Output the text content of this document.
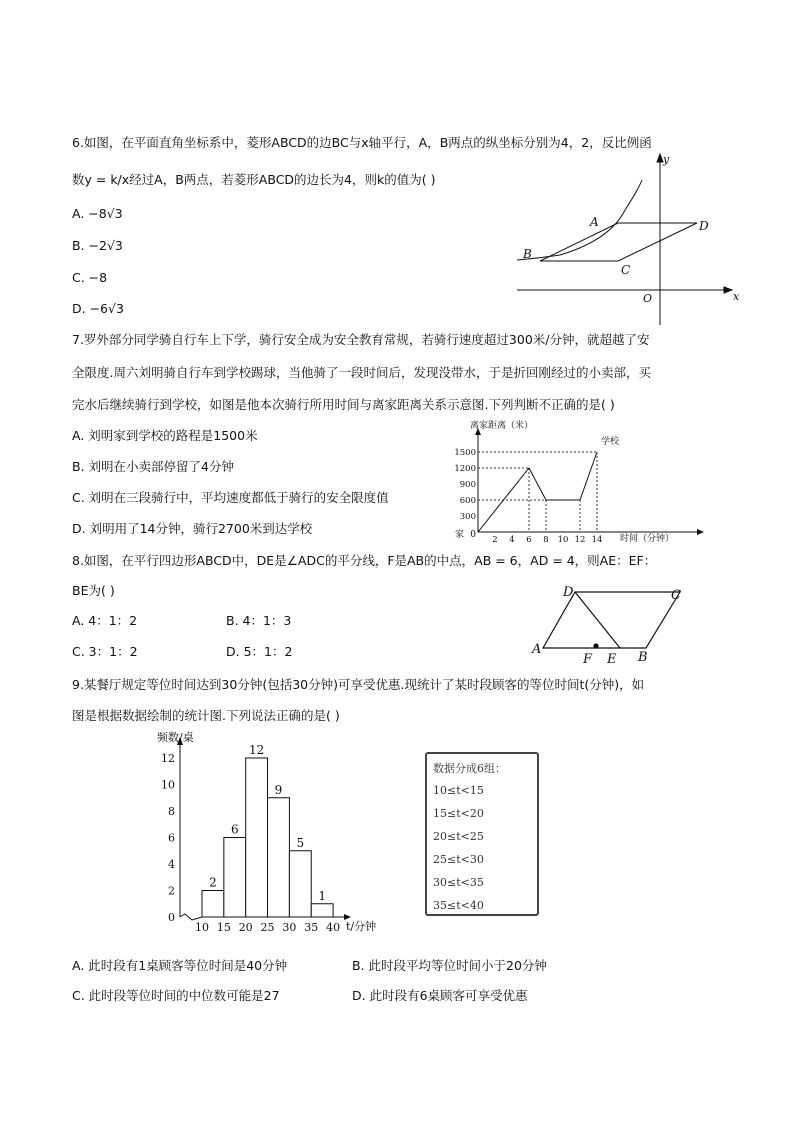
6.如图，在平面直角坐标系中，菱形ABCD的边BC与x轴平行，A，B两点的纵坐标分别为4，2，反比例函
数y = k/x经过A，B两点，若菱形ABCD的边长为4，则k的值为( )
A. −8√3
B. −2√3
C. −8
D. −6√3
A
B
C
D
O	x
y
离家距离（米）
时间（分钟）
家 0 2 4 6 8 10 12 14
300
600
900
1200
1500
学校
D	C
A
F E B
频数/桌
t/分钟
0
2
4
6
8
10
12
10 15 20 25 30 35 40
2
6
12
9
5
1
7.罗外部分同学骑自行车上下学，骑行安全成为安全教育常规，若骑行速度超过300米/分钟，就超越了安
全限度.周六刘明骑自行车到学校踢球，当他骑了一段时间后，发现没带水，于是折回刚经过的小卖部，买
完水后继续骑行到学校，如图是他本次骑行所用时间与离家距离关系示意图.下列判断不正确的是( )
A. 刘明家到学校的路程是1500米
B. 刘明在小卖部停留了4分钟
C. 刘明在三段骑行中，平均速度都低于骑行的安全限度值
D. 刘明用了14分钟，骑行2700米到达学校
8.如图，在平行四边形ABCD中，DE是∠ADC的平分线，F是AB的中点，AB = 6，AD = 4，则AE：EF：
BE为( )
A. 4：1：2	B. 4：1：3
C. 3：1：2	D. 5：1：2
9.某餐厅规定等位时间达到30分钟(包括30分钟)可享受优惠.现统计了某时段顾客的等位时间t(分钟)，如
图是根据数据绘制的统计图.下列说法正确的是( )
数据分成6组：
10≤t<15
15≤t<20
20≤t<25
25≤t<30
30≤t<35
35≤t<40
A. 此时段有1桌顾客等位时间是40分钟	B. 此时段平均等位时间小于20分钟
C. 此时段等位时间的中位数可能是27	D. 此时段有6桌顾客可享受优惠
